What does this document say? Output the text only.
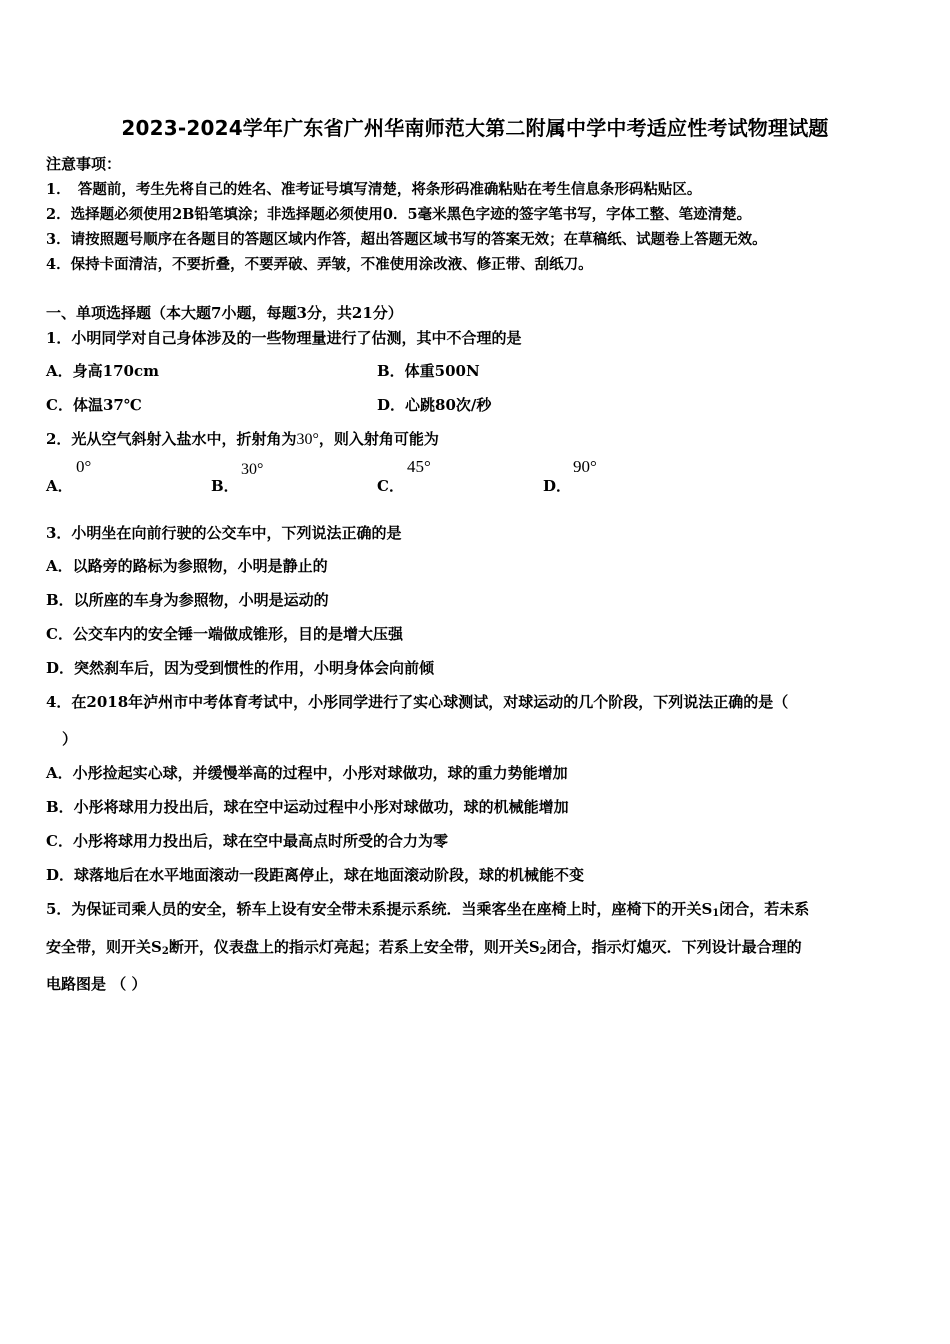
2023-2024学年广东省广州华南师范大第二附属中学中考适应性考试物理试题
注意事项：
1．　答题前，考生先将自己的姓名、准考证号填写清楚，将条形码准确粘贴在考生信息条形码粘贴区。
2．选择题必须使用2B铅笔填涂；非选择题必须使用0．5毫米黑色字迹的签字笔书写，字体工整、笔迹清楚。
3．请按照题号顺序在各题目的答题区域内作答，超出答题区域书写的答案无效；在草稿纸、试题卷上答题无效。
4．保持卡面清洁，不要折叠，不要弄破、弄皱，不准使用涂改液、修正带、刮纸刀。
一、单项选择题（本大题7小题，每题3分，共21分）
1．小明同学对自己身体涉及的一些物理量进行了估测，其中不合理的是
A．身高170cm	B．体重500N
C．体温37℃	D．心跳80次/秒
2．光从空气斜射入盐水中，折射角为30°，则入射角可能为
A．
0°
B．
30°
C．
45°
D．
90°
3．小明坐在向前行驶的公交车中，下列说法正确的是
A．以路旁的路标为参照物，小明是静止的
B．以所座的车身为参照物，小明是运动的
C．公交车内的安全锤一端做成锥形，目的是增大压强
D．突然刹车后，因为受到惯性的作用，小明身体会向前倾
4．在2018年泸州市中考体育考试中，小彤同学进行了实心球测试，对球运动的几个阶段，下列说法正确的是（
）
A．小彤捡起实心球，并缓慢举高的过程中，小彤对球做功，球的重力势能增加
B．小彤将球用力投出后，球在空中运动过程中小彤对球做功，球的机械能增加
C．小彤将球用力投出后，球在空中最高点时所受的合力为零
D．球落地后在水平地面滚动一段距离停止，球在地面滚动阶段，球的机械能不变
5．为保证司乘人员的安全，轿车上设有安全带未系提示系统．当乘客坐在座椅上时，座椅下的开关$S_1$闭合，若未系
安全带，则开关$S_2$断开，仪表盘上的指示灯亮起；若系上安全带，则开关$S_2$闭合，指示灯熄灭．下列设计最合理的
电路图是 （ ）
